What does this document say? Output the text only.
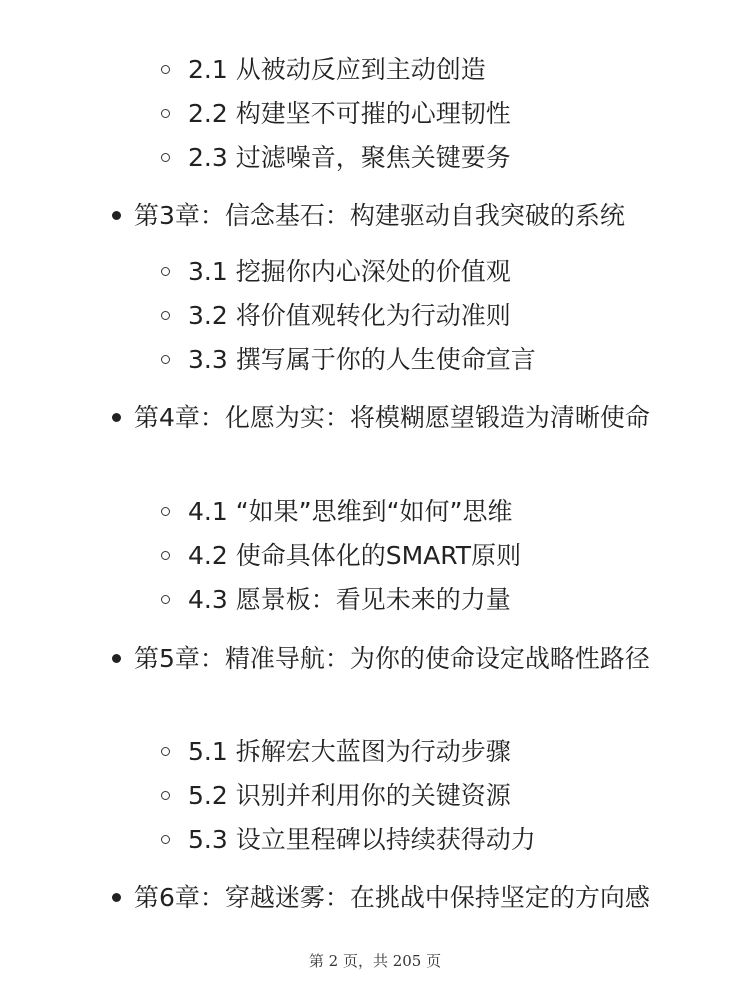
2.1 从被动反应到主动创造
2.2 构建坚不可摧的心理韧性
2.3 过滤噪音，聚焦关键要务
第3章：信念基石：构建驱动自我突破的系统
3.1 挖掘你内心深处的价值观
3.2 将价值观转化为行动准则
3.3 撰写属于你的人生使命宣言
第4章：化愿为实：将模糊愿望锻造为清晰使命
4.1 “如果”思维到“如何”思维
4.2 使命具体化的SMART原则
4.3 愿景板：看见未来的力量
第5章：精准导航：为你的使命设定战略性路径
5.1 拆解宏大蓝图为行动步骤
5.2 识别并利用你的关键资源
5.3 设立里程碑以持续获得动力
第6章：穿越迷雾：在挑战中保持坚定的方向感
第 2 页，共 205 页
